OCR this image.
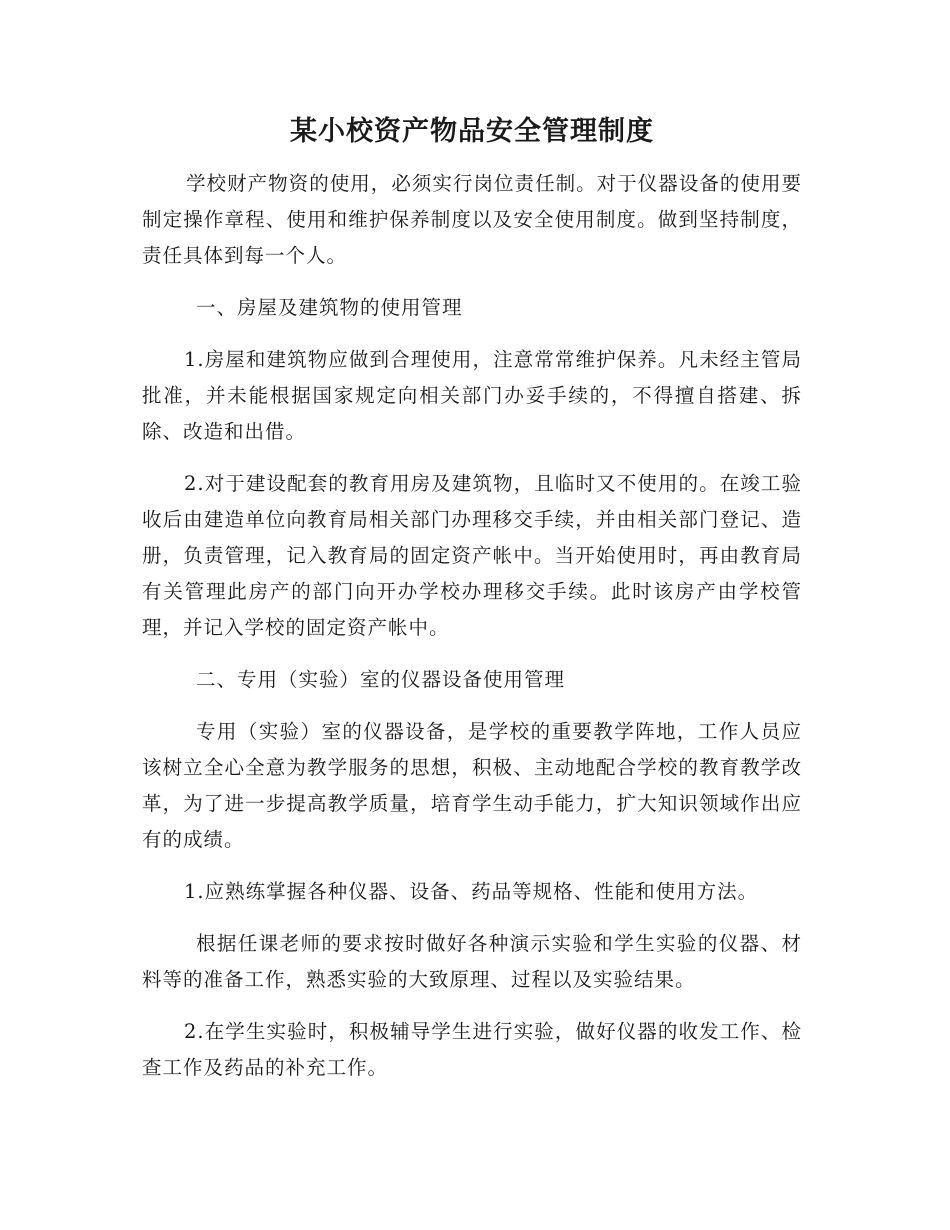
某小校资产物品安全管理制度

学校财产物资的使用，必须实行岗位责任制。对于仪器设备的使用要制定操作章程、使用和维护保养制度以及安全使用制度。做到坚持制度，责任具体到每一个人。

一、房屋及建筑物的使用管理

1.房屋和建筑物应做到合理使用，注意常常维护保养。凡未经主管局批准，并未能根据国家规定向相关部门办妥手续的，不得擅自搭建、拆除、改造和出借。

2.对于建设配套的教育用房及建筑物，且临时又不使用的。在竣工验收后由建造单位向教育局相关部门办理移交手续，并由相关部门登记、造册，负责管理，记入教育局的固定资产帐中。当开始使用时，再由教育局有关管理此房产的部门向开办学校办理移交手续。此时该房产由学校管理，并记入学校的固定资产帐中。

二、专用（实验）室的仪器设备使用管理

专用（实验）室的仪器设备，是学校的重要教学阵地，工作人员应该树立全心全意为教学服务的思想，积极、主动地配合学校的教育教学改革，为了进一步提高教学质量，培育学生动手能力，扩大知识领域作出应有的成绩。

1.应熟练掌握各种仪器、设备、药品等规格、性能和使用方法。

根据任课老师的要求按时做好各种演示实验和学生实验的仪器、材料等的准备工作，熟悉实验的大致原理、过程以及实验结果。

2.在学生实验时，积极辅导学生进行实验，做好仪器的收发工作、检查工作及药品的补充工作。
